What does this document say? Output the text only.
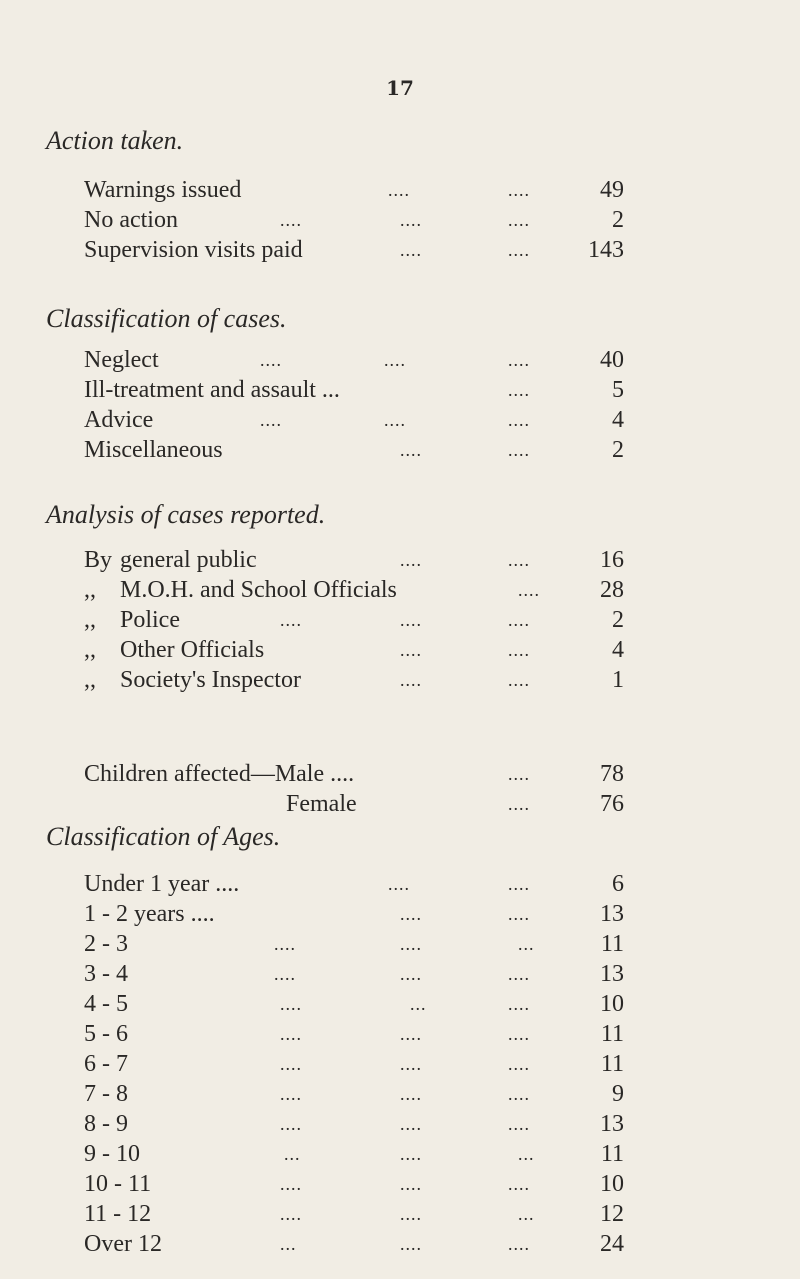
17
Action taken.
Warnings issued	....	....	49
No action	....	....	....	2
Supervision visits paid	....	....	143
Classification of cases.
Neglect	....	....	....	40
Ill-treatment and assault ...	....	5
Advice	....	....	....	4
Miscellaneous	....	....	2
Analysis of cases reported.
By general public	....	....	16
,, M.O.H. and School Officials	....	28
,, Police	....	....	....	2
,, Other Officials	....	....	4
,, Society's Inspector	....	....	1
Children affected—Male ....	....	78
Female	....	76
Classification of Ages.
Under 1 year ....	....	....	6
1 - 2 years ....	....	....	13
2 - 3	....	....	...	11
3 - 4	....	....	....	13
4 - 5	....	...	....	10
5 - 6	....	....	....	11
6 - 7	....	....	....	11
7 - 8	....	....	....	9
8 - 9	....	....	....	13
9 - 10	...	....	...	11
10 - 11	....	....	....	10
11 - 12	....	....	...	12
Over 12	...	....	....	24
